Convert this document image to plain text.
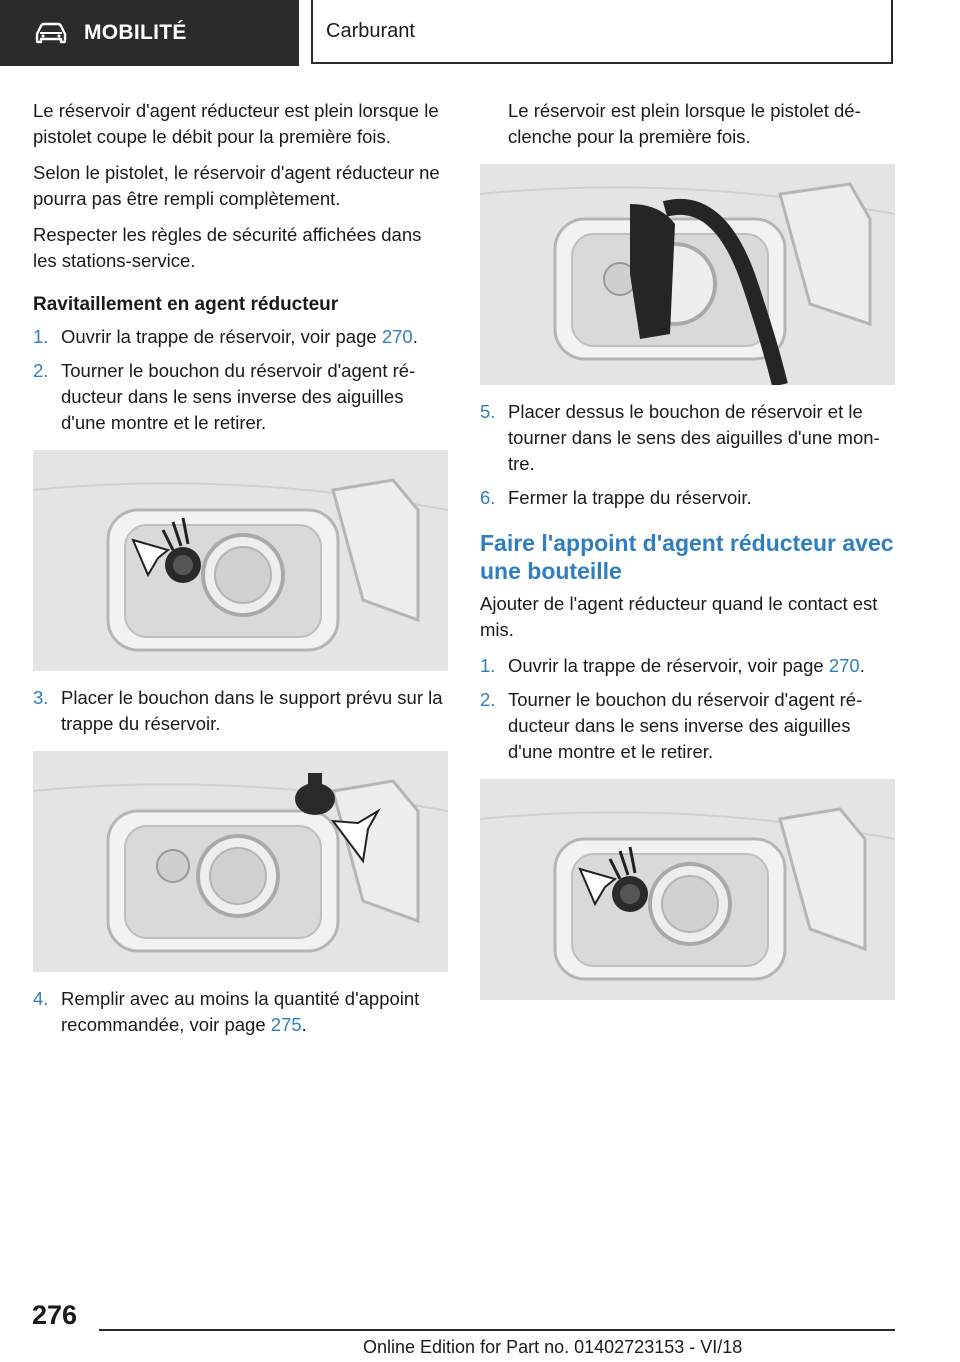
MOBILITÉ	Carburant

Le réservoir d'agent réducteur est plein lorsque le pistolet coupe le débit pour la première fois.

Selon le pistolet, le réservoir d'agent réducteur ne pourra pas être rempli complètement.

Respecter les règles de sécurité affichées dans les stations-service.

Ravitaillement en agent réducteur
1. Ouvrir la trappe de réservoir, voir page 270.
2. Tourner le bouchon du réservoir d'agent réducteur dans le sens inverse des aiguilles d'une montre et le retirer.
3. Placer le bouchon dans le support prévu sur la trappe du réservoir.
4. Remplir avec au moins la quantité d'appoint recommandée, voir page 275.

Le réservoir est plein lorsque le pistolet déclenche pour la première fois.

5. Placer dessus le bouchon de réservoir et le tourner dans le sens des aiguilles d'une montre.
6. Fermer la trappe du réservoir.
Faire l'appoint d'agent réducteur avec une bouteille

Ajouter de l'agent réducteur quand le contact est mis.

1. Ouvrir la trappe de réservoir, voir page 270.
2. Tourner le bouchon du réservoir d'agent réducteur dans le sens inverse des aiguilles d'une montre et le retirer.
276
Online Edition for Part no. 01402723153 - VI/18
